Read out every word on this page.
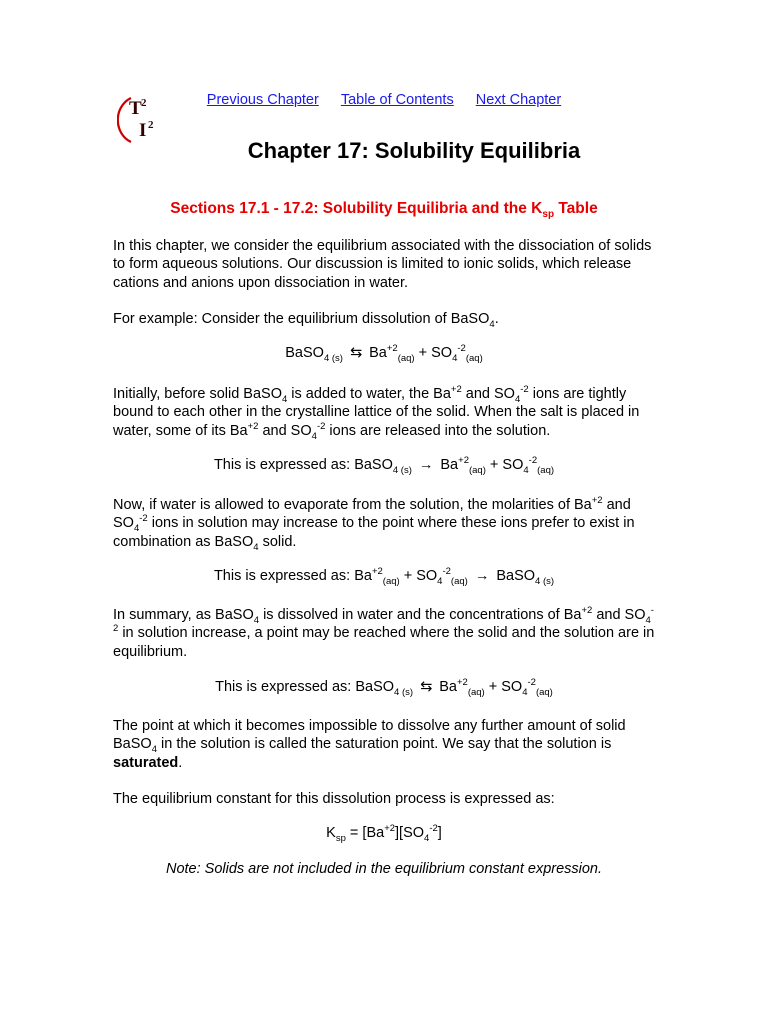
T 2
I 2
Previous Chapter Table of Contents Next Chapter
Chapter 17: Solubility Equilibria
Sections 17.1 - 17.2: Solubility Equilibria and the $K_{sp}$ Table

In this chapter, we consider the equilibrium associated with the dissociation of solids to form aqueous solutions. Our discussion is limited to ionic solids, which release cations and anions upon dissociation in water.

For example: Consider the equilibrium dissolution of BaSO$_4$.

BaSO$_4$ $_{(s)}$ ⇆ $Ba^{+2}_{(aq)} + SO_4^{-2}_{(aq)}$

Initially, before solid BaSO$_4$ is added to water, the $Ba^{+2}$ and $SO_4^{-2}$ ions are tightly bound to each other in the crystalline lattice of the solid. When the salt is placed in water, some of its $Ba^{+2}$ and $SO_4^{-2}$ ions are released into the solution.

This is expressed as: BaSO$_4$ $_{(s)} \to Ba^{+2}_{(aq)} + SO_4^{-2}_{(aq)}$

Now, if water is allowed to evaporate from the solution, the molarities of $Ba^{+2}$ and $SO_4^{-2}$ ions in solution may increase to the point where these ions prefer to exist in combination as BaSO$_4$ solid.

This is expressed as: $Ba^{+2}_{(aq)} + SO_4^{-2}_{(aq)}$ → BaSO$_4$ $_{(s)}$

In summary, as BaSO$_4$ is dissolved in water and the concentrations of $Ba^{+2}$ and $SO_4^{-2}$ in solution increase, a point may be reached where the solid and the solution are in equilibrium.

This is expressed as: BaSO$_4$ $_{(s)}$ ⇆ $Ba^{+2}_{(aq)} + SO_4^{-2}_{(aq)}$

The point at which it becomes impossible to dissolve any further amount of solid BaSO$_4$ in the solution is called the saturation point. We say that the solution is saturated.

The equilibrium constant for this dissolution process is expressed as:

$K_{sp} = [Ba^{+2}][SO_4^{-2}]$

Note: Solids are not included in the equilibrium constant expression.
